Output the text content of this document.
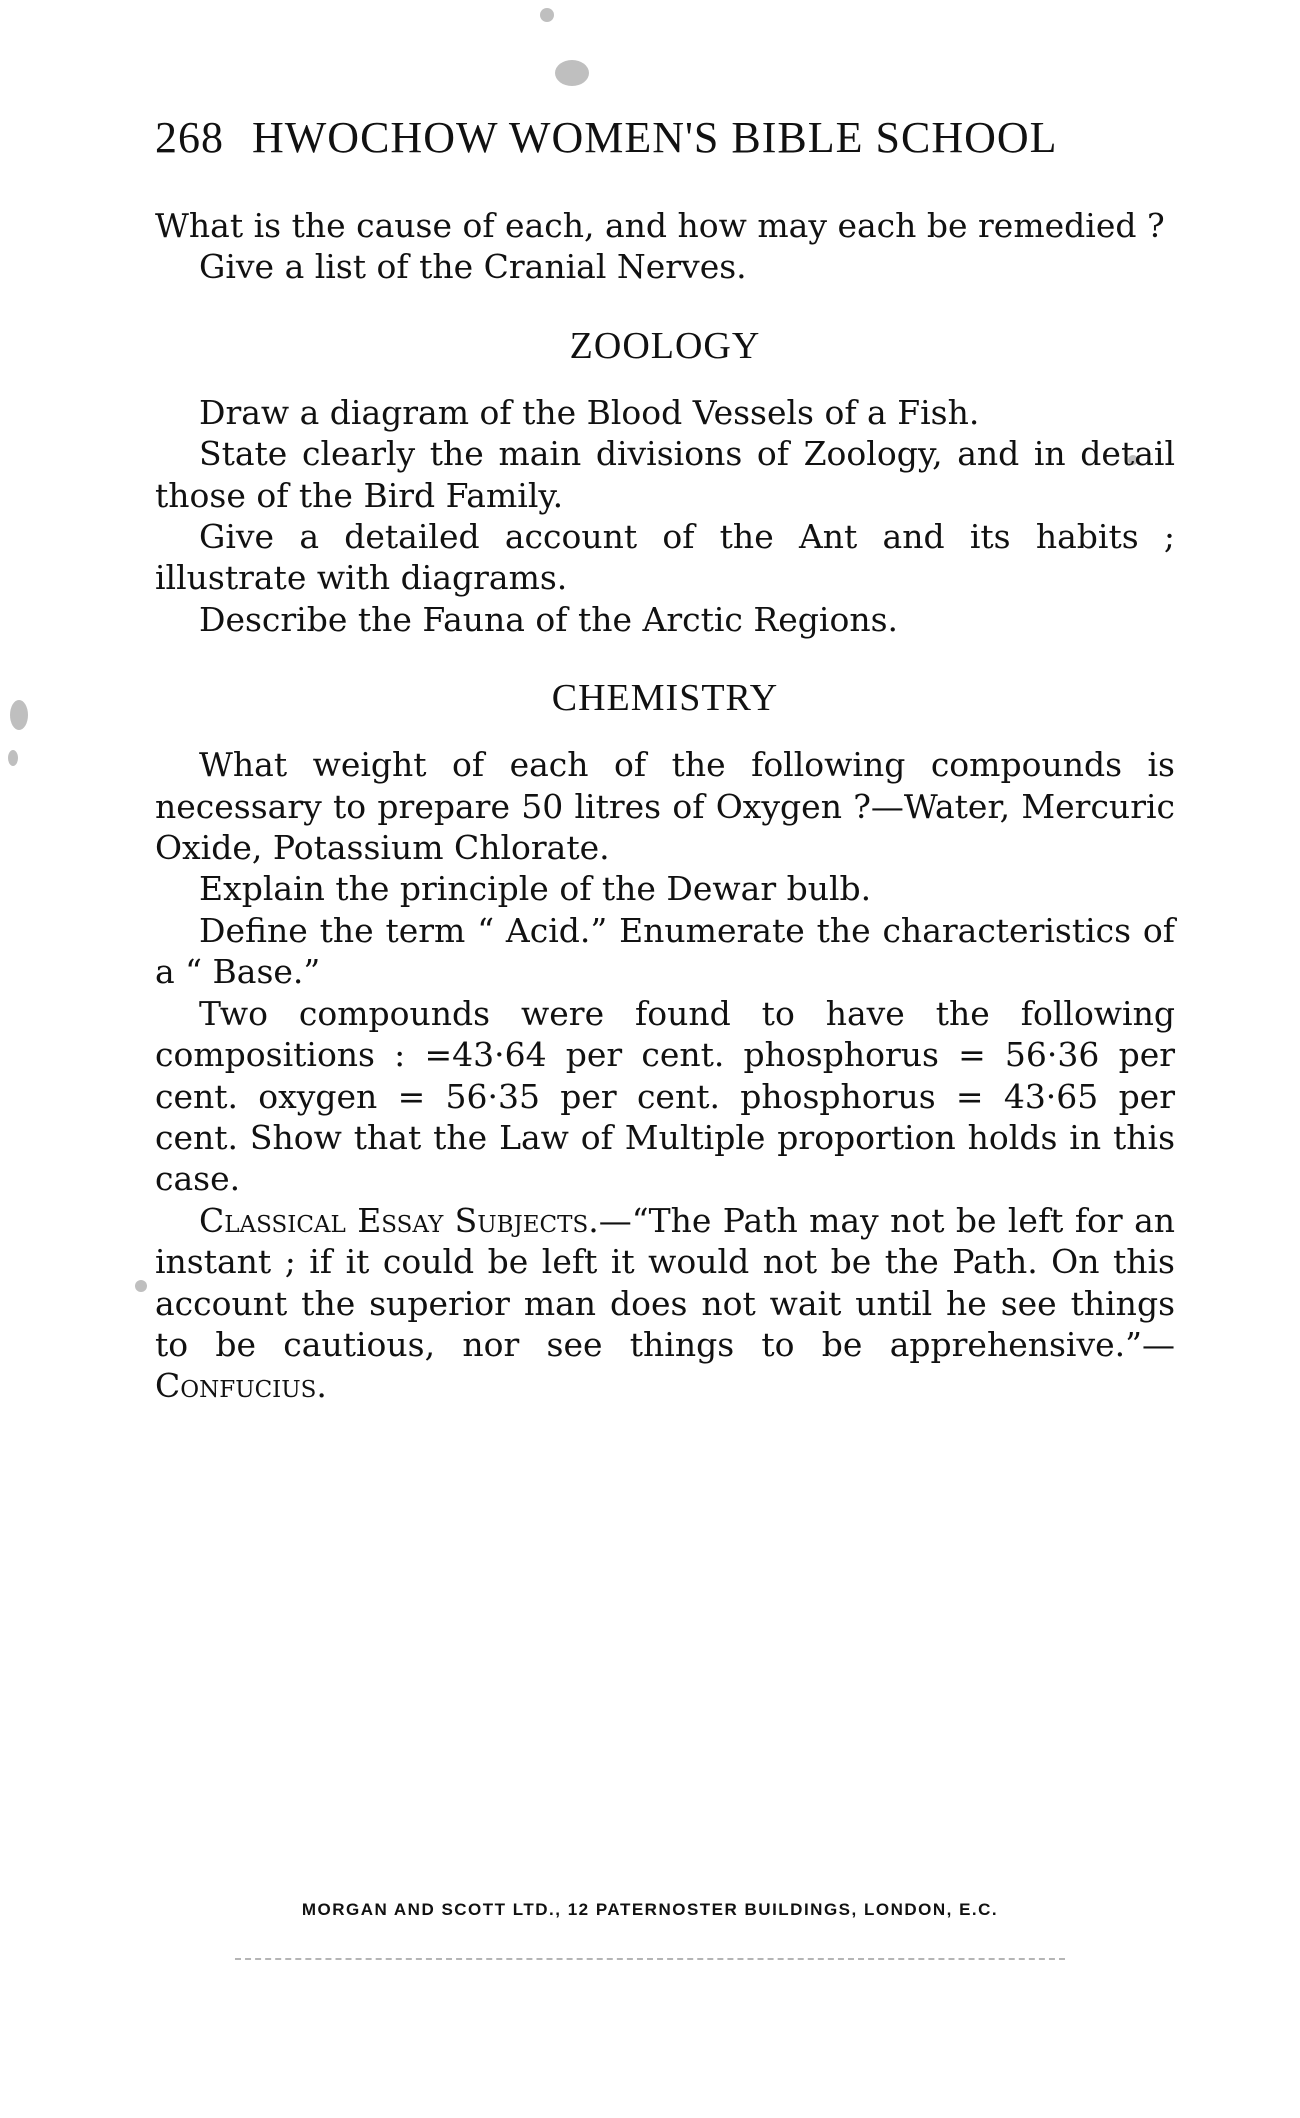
268 HWOCHOW WOMEN'S BIBLE SCHOOL

What is the cause of each, and how may each be remedied ?

Give a list of the Cranial Nerves.

ZOOLOGY

Draw a diagram of the Blood Vessels of a Fish.

State clearly the main divisions of Zoology, and in detail those of the Bird Family.

Give a detailed account of the Ant and its habits ; illustrate with diagrams.

Describe the Fauna of the Arctic Regions.

CHEMISTRY

What weight of each of the following compounds is necessary to prepare 50 litres of Oxygen ?—Water, Mercuric Oxide, Potassium Chlorate.

Explain the principle of the Dewar bulb.

Define the term “ Acid.” Enumerate the characteristics of a “ Base.”

Two compounds were found to have the following compositions : =43·64 per cent. phosphorus = 56·36 per cent. oxygen = 56·35 per cent. phosphorus = 43·65 per cent. Show that the Law of Multiple proportion holds in this case.

Classical Essay Subjects.—“The Path may not be left for an instant ; if it could be left it would not be the Path. On this account the superior man does not wait until he see things to be cautious, nor see things to be apprehensive.”—Confucius.

MORGAN AND SCOTT LTD., 12 PATERNOSTER BUILDINGS, LONDON, E.C.
